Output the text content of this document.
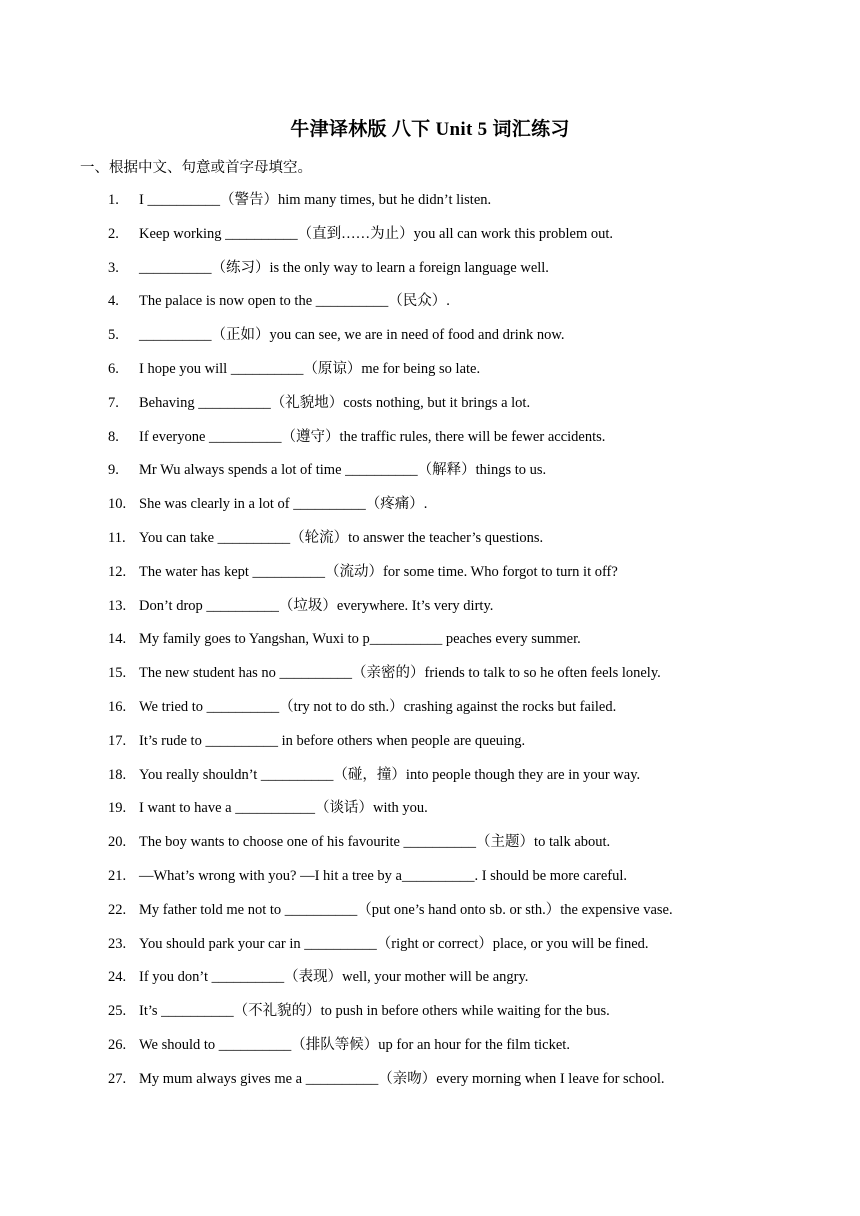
牛津译林版 八下 Unit 5 词汇练习
一、根据中文、句意或首字母填空。
1.	I __________（警告）him many times, but he didn’t listen.
2.	Keep working __________（直到……为止）you all can work this problem out.
3.	__________（练习）is the only way to learn a foreign language well.
4.	The palace is now open to the __________（民众）.
5.	__________（正如）you can see, we are in need of food and drink now.
6.	I hope you will __________（原谅）me for being so late.
7.	Behaving __________（礼貌地）costs nothing, but it brings a lot.
8.	If everyone __________（遵守）the traffic rules, there will be fewer accidents.
9.	Mr Wu always spends a lot of time __________（解释）things to us.
10. She was clearly in a lot of __________（疼痛）.
11. You can take __________（轮流）to answer the teacher’s questions.
12. The water has kept __________（流动）for some time. Who forgot to turn it off?
13. Don’t drop __________（垃圾）everywhere. It’s very dirty.
14. My family goes to Yangshan, Wuxi to p__________ peaches every summer.
15. The new student has no __________（亲密的）friends to talk to so he often feels lonely.
16. We tried to __________（try not to do sth.）crashing against the rocks but failed.
17. It’s rude to __________ in before others when people are queuing.
18. You really shouldn’t __________（碰，撞）into people though they are in your way.
19. I want to have a ___________（谈话）with you.
20. The boy wants to choose one of his favourite __________（主题）to talk about.
21. —What’s wrong with you? —I hit a tree by a__________. I should be more careful.
22. My father told me not to __________（put one’s hand onto sb. or sth.）the expensive vase.
23. You should park your car in __________（right or correct）place, or you will be fined.
24. If you don’t __________（表现）well, your mother will be angry.
25. It’s __________（不礼貌的）to push in before others while waiting for the bus.
26. We should to __________（排队等候）up for an hour for the film ticket.
27. My mum always gives me a __________（亲吻）every morning when I leave for school.
